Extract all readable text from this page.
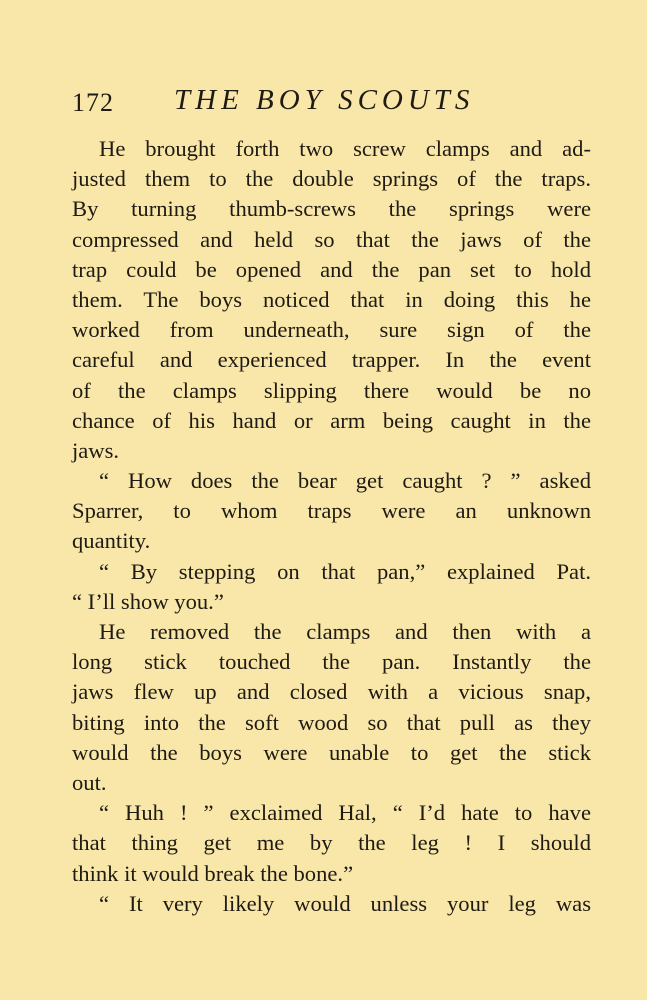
172 THE BOY SCOUTS
He brought forth two screw clamps and ad-
justed them to the double springs of the traps.
By turning thumb-screws the springs were
compressed and held so that the jaws of the
trap could be opened and the pan set to hold
them. The boys noticed that in doing this he
worked from underneath, sure sign of the
careful and experienced trapper. In the event
of the clamps slipping there would be no
chance of his hand or arm being caught in the
jaws.
“ How does the bear get caught ? ” asked
Sparrer, to whom traps were an unknown
quantity.
“ By stepping on that pan,” explained Pat.
“ I’ll show you.”
He removed the clamps and then with a
long stick touched the pan. Instantly the
jaws flew up and closed with a vicious snap,
biting into the soft wood so that pull as they
would the boys were unable to get the stick
out.
“ Huh ! ” exclaimed Hal, “ I’d hate to have
that thing get me by the leg ! I should
think it would break the bone.”
“ It very likely would unless your leg was
